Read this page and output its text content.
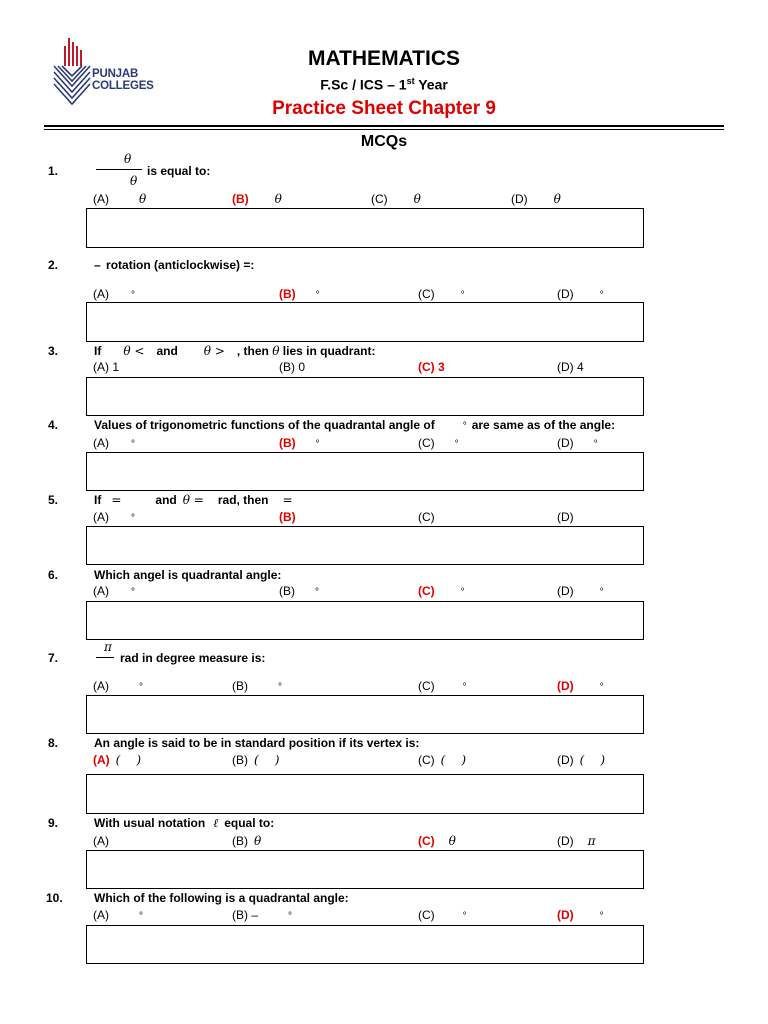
PUNJAB
COLLEGES
MATHEMATICS
F.Sc / ICS – 1st Year
Practice Sheet Chapter 9
MCQs
1.
θ
θ
is equal to:
(A)	θ	(B) θ	(C) θ	(D) θ
2.	– rotation (anticlockwise) =:
(A) °	(B) °	(C)	°	(D)	°
3.	If θ < and θ > , then θ lies in quadrant:
(A) 1	(B) 0	(C) 3	(D) 4
4.	Values of trigonometric functions of the quadrantal angle of	° are same as of the angle:
(A) °	(B) °	(C) °	(D) °
5.	If =	and θ = rad, then =
(A) °	(B)	(C)	(D)
6.	Which angel is quadrantal angle:
(A) °	(B) °	(C)	°	(D)	°
7.
π
rad in degree measure is:
(A)	°	(B)	°	(C)	°	(D)	°
8.	An angle is said to be in standard position if its vertex is:
(A) ( )	(B) ( )	(C) ( )	(D) ( )
9.	With usual notation ℓ equal to:
(A)	(B) θ	(C) θ	(D) π
10.	Which of the following is a quadrantal angle:
(A)	°	(B) –	°	(C)	°	(D)	°
